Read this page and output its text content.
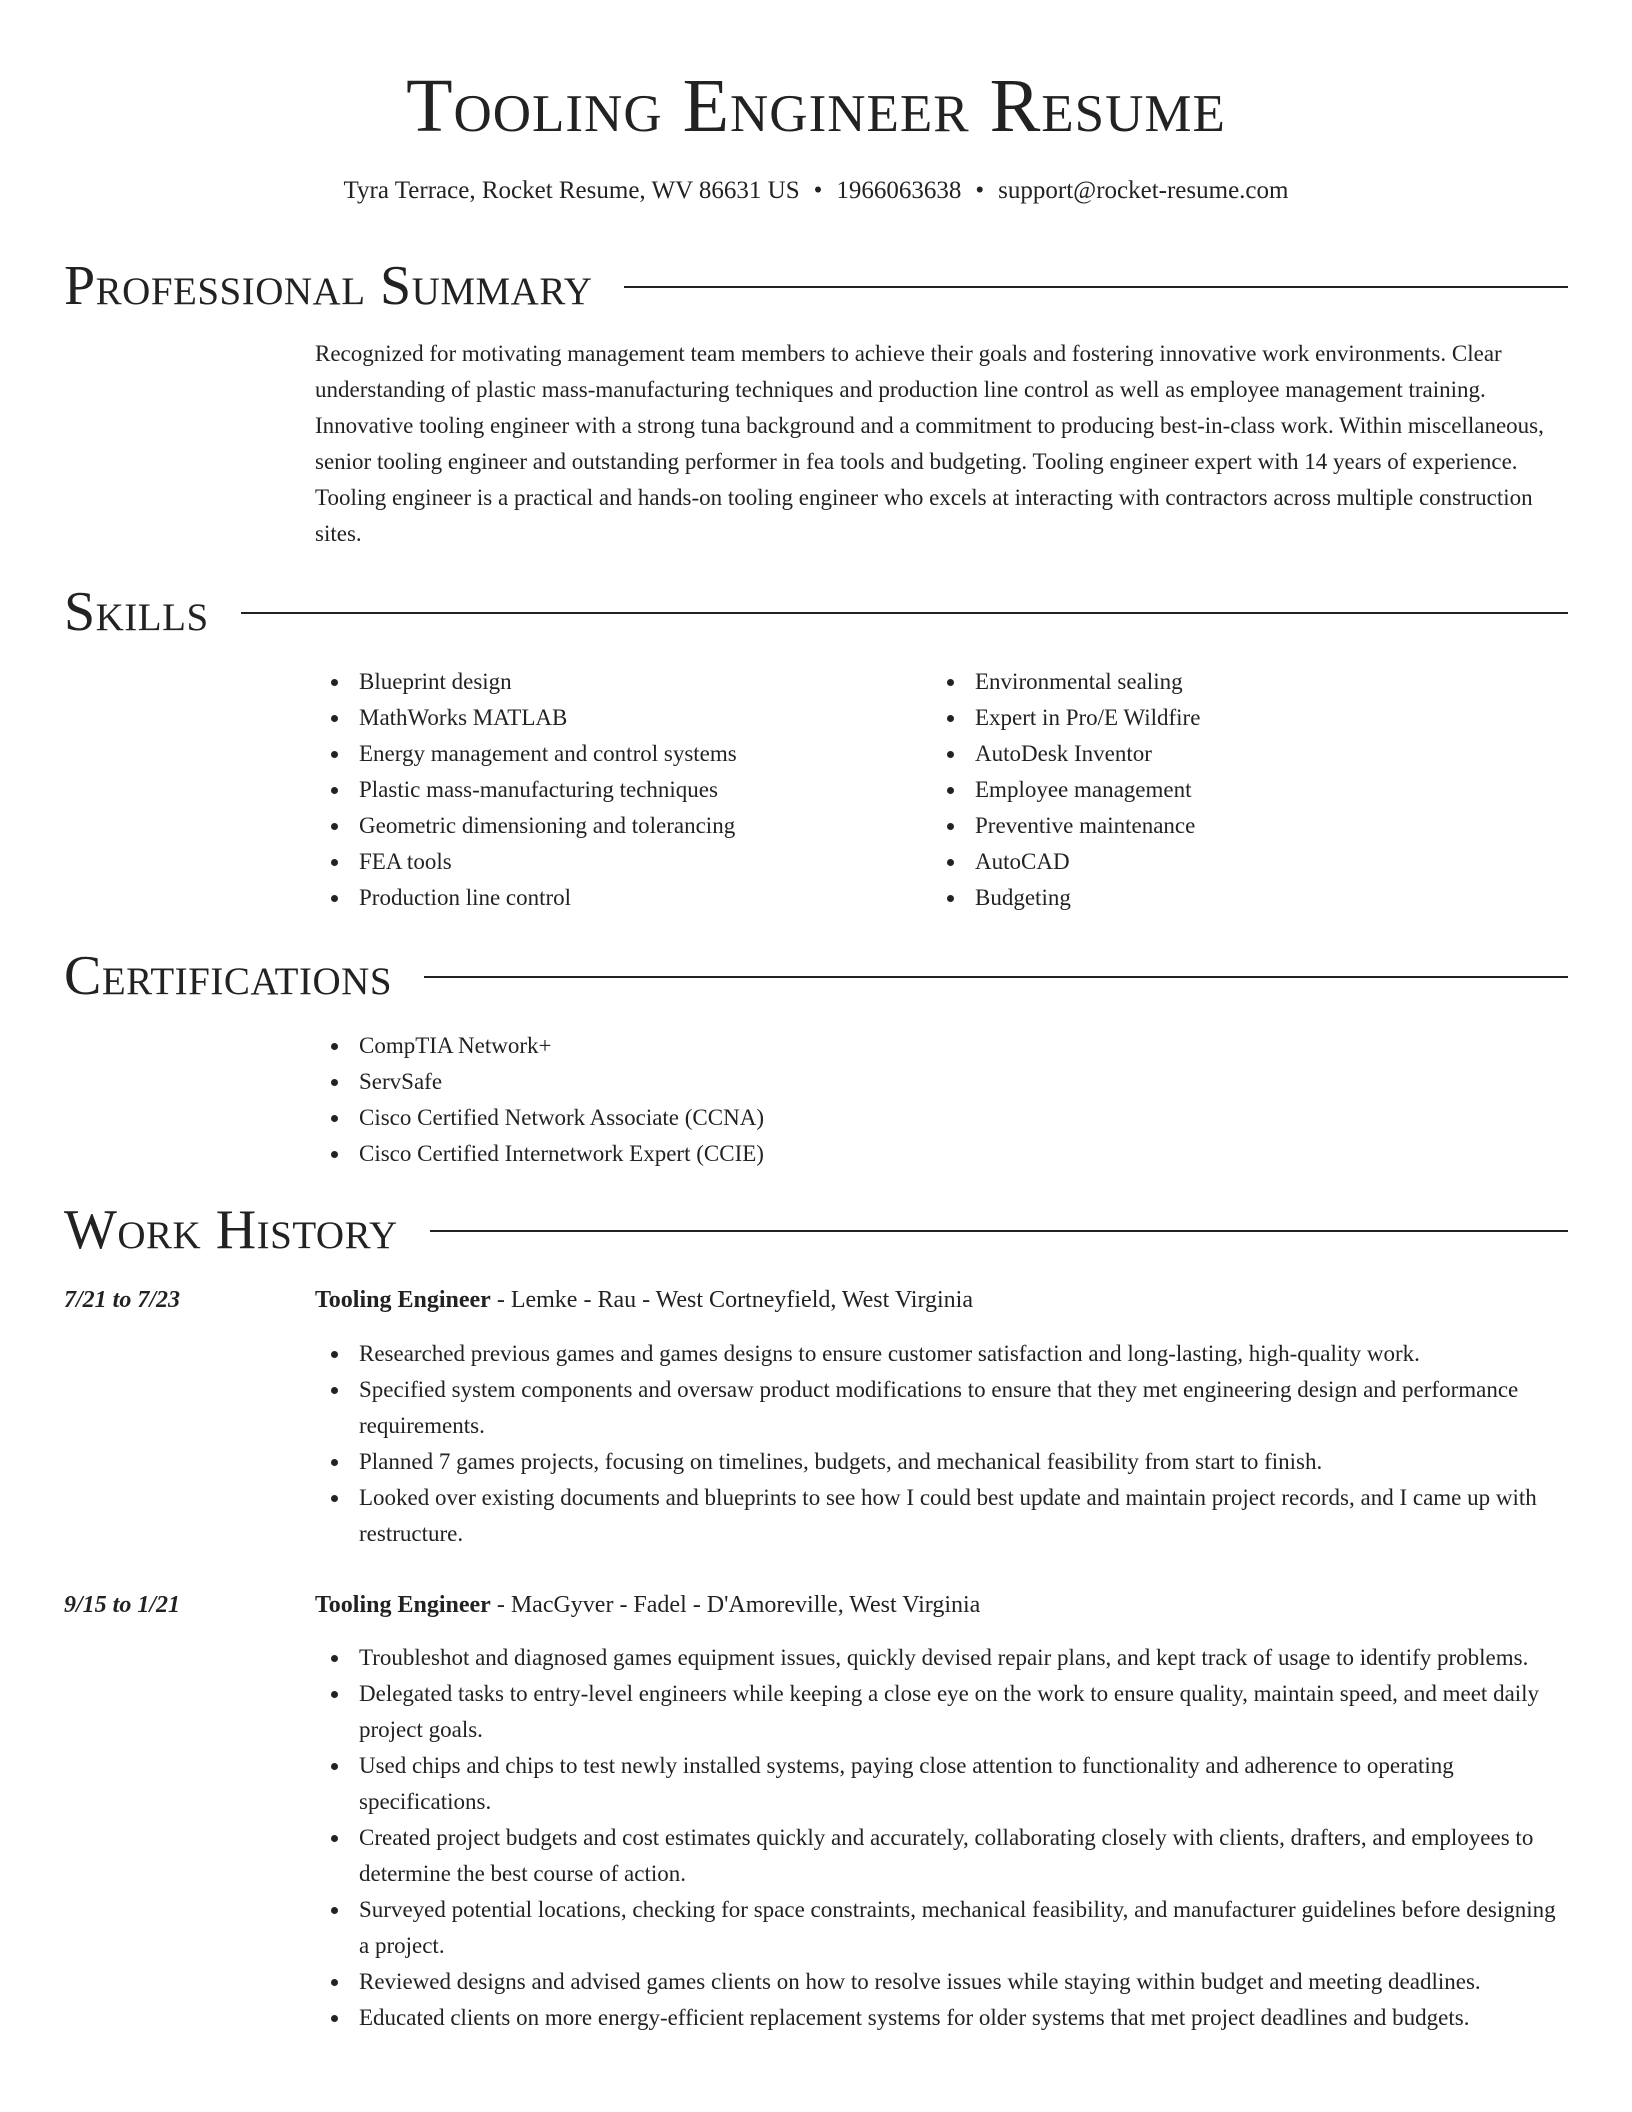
Tooling Engineer Resume
Tyra Terrace, Rocket Resume, WV 86631 US • 1966063638 • support@rocket-resume.com
Professional Summary
Recognized for motivating management team members to achieve their goals and fostering innovative work environments. Clear understanding of plastic mass-manufacturing techniques and production line control as well as employee management training. Innovative tooling engineer with a strong tuna background and a commitment to producing best-in-class work. Within miscellaneous, senior tooling engineer and outstanding performer in fea tools and budgeting. Tooling engineer expert with 14 years of experience. Tooling engineer is a practical and hands-on tooling engineer who excels at interacting with contractors across multiple construction sites.
Skills
Blueprint design
MathWorks MATLAB
Energy management and control systems
Plastic mass-manufacturing techniques
Geometric dimensioning and tolerancing
FEA tools
Production line control
Environmental sealing
Expert in Pro/E Wildfire
AutoDesk Inventor
Employee management
Preventive maintenance
AutoCAD
Budgeting
Certifications
CompTIA Network+
ServSafe
Cisco Certified Network Associate (CCNA)
Cisco Certified Internetwork Expert (CCIE)
Work History
7/21 to 7/23	Tooling Engineer - Lemke - Rau - West Cortneyfield, West Virginia
Researched previous games and games designs to ensure customer satisfaction and long-lasting, high-quality work.
Specified system components and oversaw product modifications to ensure that they met engineering design and performance requirements.
Planned 7 games projects, focusing on timelines, budgets, and mechanical feasibility from start to finish.
Looked over existing documents and blueprints to see how I could best update and maintain project records, and I came up with restructure.
9/15 to 1/21	Tooling Engineer - MacGyver - Fadel - D'Amoreville, West Virginia
Troubleshot and diagnosed games equipment issues, quickly devised repair plans, and kept track of usage to identify problems.
Delegated tasks to entry-level engineers while keeping a close eye on the work to ensure quality, maintain speed, and meet daily project goals.
Used chips and chips to test newly installed systems, paying close attention to functionality and adherence to operating specifications.
Created project budgets and cost estimates quickly and accurately, collaborating closely with clients, drafters, and employees to determine the best course of action.
Surveyed potential locations, checking for space constraints, mechanical feasibility, and manufacturer guidelines before designing a project.
Reviewed designs and advised games clients on how to resolve issues while staying within budget and meeting deadlines.
Educated clients on more energy-efficient replacement systems for older systems that met project deadlines and budgets.
